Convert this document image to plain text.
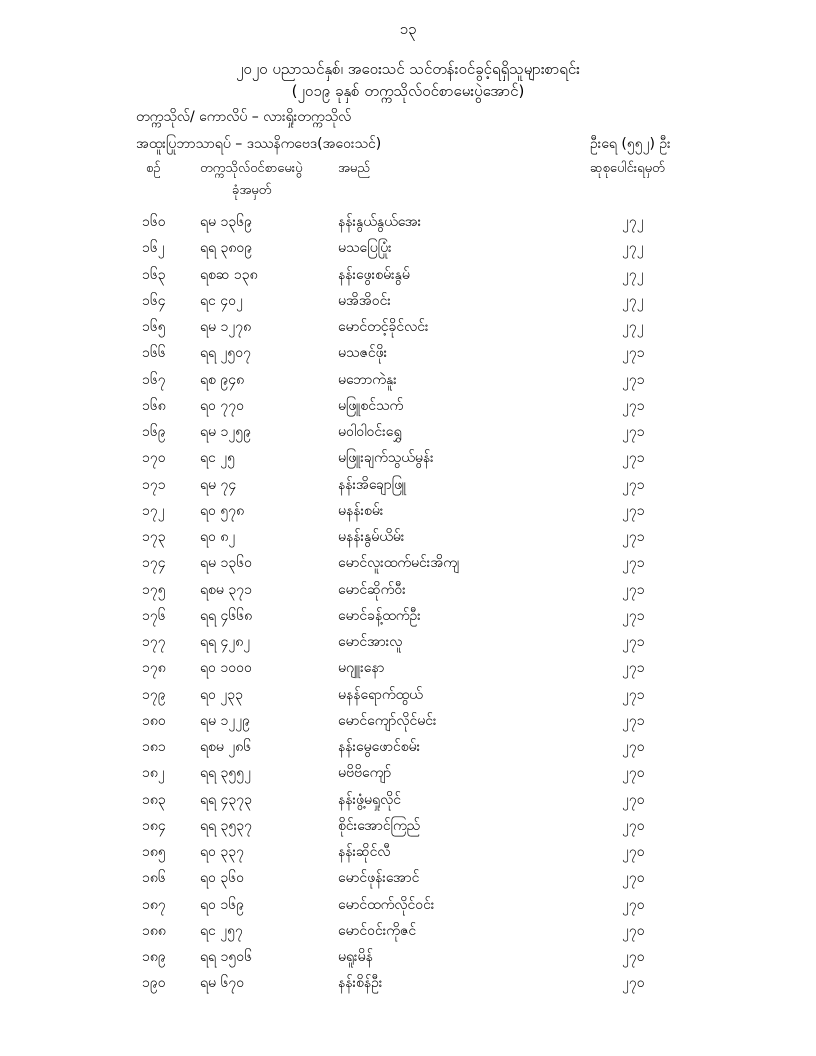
၁၃
၂၀၂၀ ပညာသင်နှစ်၊ အဝေးသင် သင်တန်းဝင်ခွင့်ရရှိသူများစာရင်း
(၂၀၁၉ ခုနှစ် တက္ကသိုလ်ဝင်စာမေးပွဲအောင်)
တက္ကသိုလ်/ ကောလိပ် – လားရှိုးတက္ကသိုလ်
အထူးပြုဘာသာရပ် – ဒဿနိကဗေဒ(အဝေးသင်)	ဦးရေ (၅၅၂) ဦး
စဉ်	တက္ကသိုလ်ဝင်စာမေးပွဲ
ခုံအမှတ်
အမည်	ဆုစုပေါင်းရမှတ်
၁၆၀ ရမ ၁၃၆၉	နန်းနွယ်နွယ်အေး	၂၇၂
၁၆၂	ရရ ၃၈၀၉	မသပြေပြုံး	၂၇၂
၁၆၃ ရစဆ ၁၃၈	နန်းဖွေးစမ်းနွမ်	၂၇၂
၁၆၄ ရင ၄၀၂	မအိအိဝင်း	၂၇၂
၁၆၅ ရမ ၁၂၇၈	မောင်တင့်ခိုင်လင်း	၂၇၂
၁၆၆ ရရ ၂၅၀၇	မသဇင်ဖိုး	၂၇၁
၁၆၇ ရစ ၉၄၈	မဘောကဲနူး	၂၇၁
၁၆၈ ရဝ ၇၇၀	မဖြူစင်သက်	၂၇၁
၁၆၉ ရမ ၁၂၅၉	မဝါဝါဝင်းရွှေ	၂၇၁
၁၇၀ ရင ၂၅	မဖြူးချက်သွယ်မွန်း	၂၇၁
၁၇၁ ရမ ၇၄	နန်းအိချောဖြူ	၂၇၁
၁၇၂	ရဝ ၅၇၈	မနန်းစမ်း	၂၇၁
၁၇၃ ရဝ ၈၂	မနန်းနွမ်ယိမ်း	၂၇၁
၁၇၄ ရမ ၁၃၆၀	မောင်လူးထက်မင်းအိကျ	၂၇၁
၁၇၅ ရစမ ၃၇၁	မောင်ဆိုက်ဝီး	၂၇၁
၁၇၆ ရရ ၄၆၆၈	မောင်ခန့်ထက်ဦး	၂၇၁
၁၇၇ ရရ ၄၂၈၂	မောင်အားလူ	၂၇၁
၁၇၈ ရဝ ၁၀၀၀	မဂျူးနော	၂၇၁
၁၇၉ ရဝ ၂၃၃	မနန်ရောက်ထွယ်	၂၇၁
၁၈၀ ရမ ၁၂၂၉	မောင်ကျော်လိုင်မင်း	၂၇၁
၁၈၁ ရစမ ၂၈၆	နန်းမွေဖောင်စမ်း	၂၇၀
၁၈၂	ရရ ၃၅၅၂	မဗိဗိကျော်	၂၇၀
၁၈၃ ရရ ၄၃၇၃	နန်းဖွံ့မရှုလိုင်	၂၇၀
၁၈၄ ရရ ၃၅၃၇	စိုင်းအောင်ကြည်	၂၇၀
၁၈၅ ရဝ ၃၃၇	နန်းဆိုင်လီ	၂၇၀
၁၈၆ ရဝ ၃၆၀	မောင်ဖုန်းအောင်	၂၇၀
၁၈၇ ရဝ ၁၆၉	မောင်ထက်လိုင်ဝင်း	၂၇၀
၁၈၈ ရင ၂၅၇	မောင်ဝင်းကိုဇင်	၂၇၀
၁၈၉ ရရ ၁၅၀၆	မရူးမိန်	၂၇၀
၁၉၀ ရမ ၆၇၀	နန်းစိန်ဦး	၂၇၀
